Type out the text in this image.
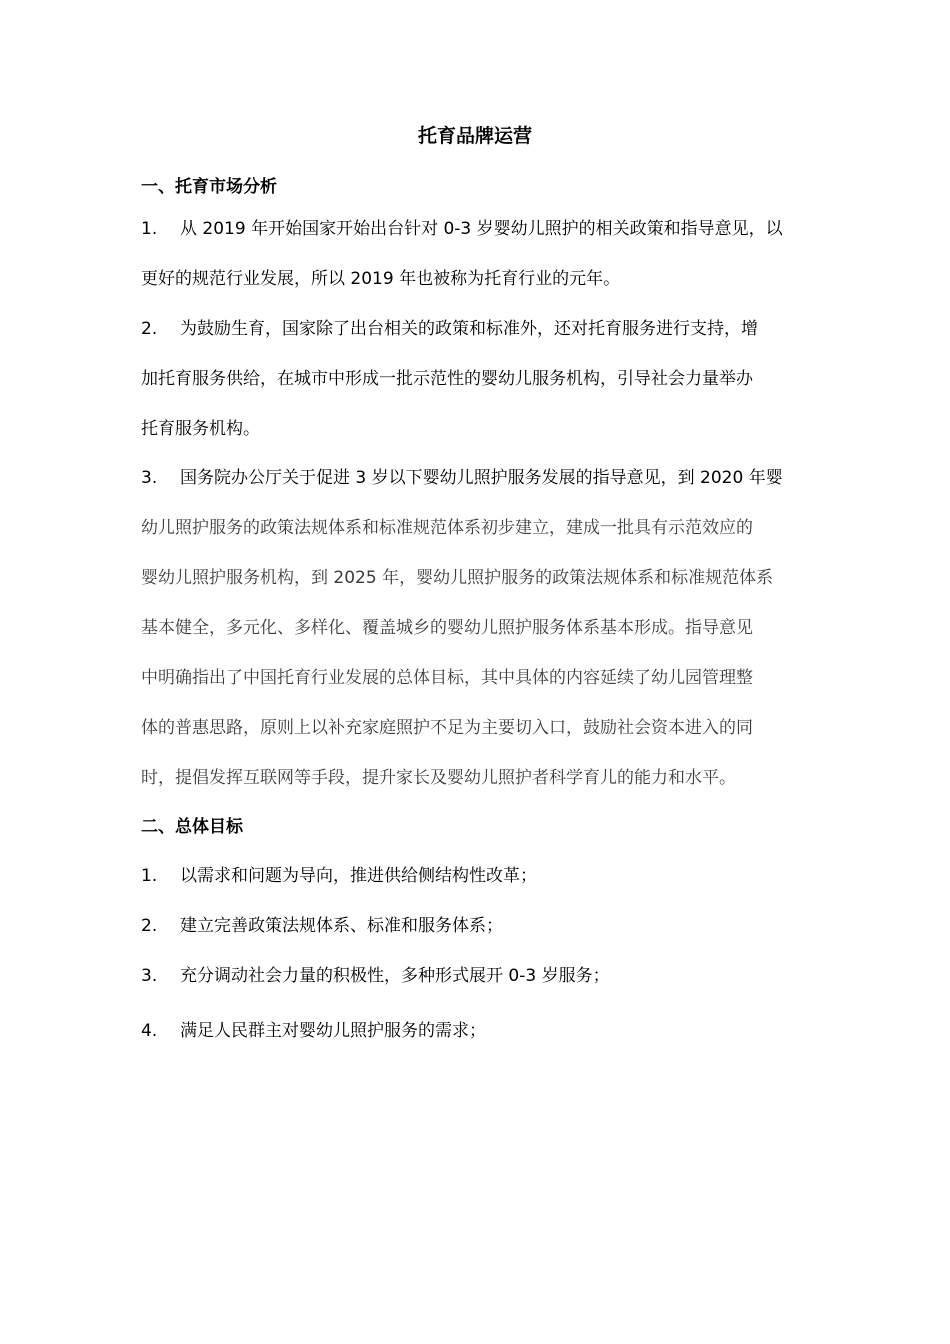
托育品牌运营
一、托育市场分析
1. 从 2019 年开始国家开始出台针对 0-3 岁婴幼儿照护的相关政策和指导意见，以
更好的规范行业发展，所以 2019 年也被称为托育行业的元年。
2. 为鼓励生育，国家除了出台相关的政策和标准外，还对托育服务进行支持，增
加托育服务供给，在城市中形成一批示范性的婴幼儿服务机构，引导社会力量举办
托育服务机构。
3. 国务院办公厅关于促进 3 岁以下婴幼儿照护服务发展的指导意见，到 2020 年婴
幼儿照护服务的政策法规体系和标准规范体系初步建立，建成一批具有示范效应的
婴幼儿照护服务机构，到 2025 年，婴幼儿照护服务的政策法规体系和标准规范体系
基本健全，多元化、多样化、覆盖城乡的婴幼儿照护服务体系基本形成。指导意见
中明确指出了中国托育行业发展的总体目标，其中具体的内容延续了幼儿园管理整
体的普惠思路，原则上以补充家庭照护不足为主要切入口，鼓励社会资本进入的同
时，提倡发挥互联网等手段，提升家长及婴幼儿照护者科学育儿的能力和水平。
二、总体目标
1. 以需求和问题为导向，推进供给侧结构性改革；
2. 建立完善政策法规体系、标准和服务体系；
3. 充分调动社会力量的积极性，多种形式展开 0-3 岁服务；
4. 满足人民群主对婴幼儿照护服务的需求；
